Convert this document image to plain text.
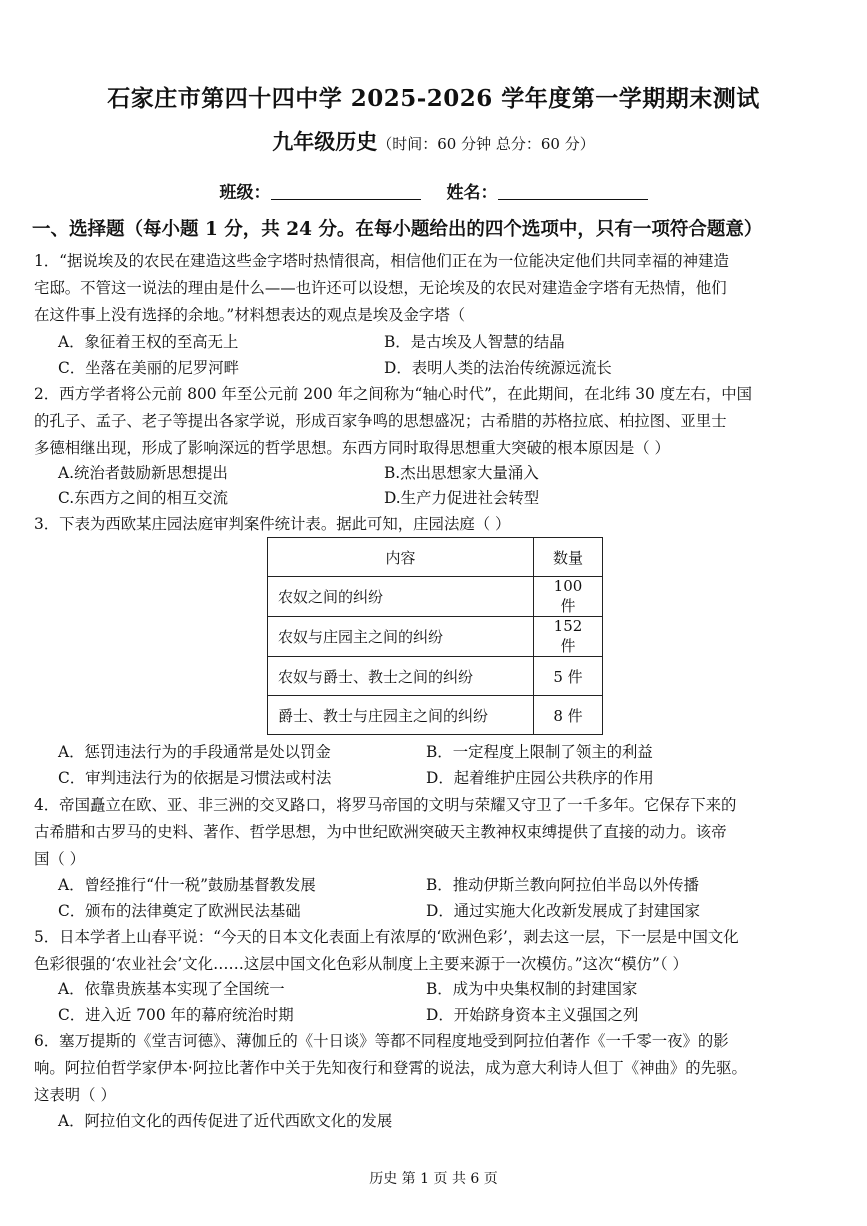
石家庄市第四十四中学 2025-2026 学年度第一学期期末测试
九年级历史（时间：60 分钟 总分：60 分）
班级：	姓名：
一、选择题（每小题 1 分，共 24 分。在每小题给出的四个选项中，只有一项符合题意）
1．“据说埃及的农民在建造这些金字塔时热情很高，相信他们正在为一位能决定他们共同幸福的神建造
宅邸。不管这一说法的理由是什么——也许还可以设想，无论埃及的农民对建造金字塔有无热情，他们
在这件事上没有选择的余地。”材料想表达的观点是埃及金字塔（
A．象征着王权的至高无上	B．是古埃及人智慧的结晶
C．坐落在美丽的尼罗河畔	D．表明人类的法治传统源远流长
2．西方学者将公元前 800 年至公元前 200 年之间称为“轴心时代”，在此期间，在北纬 30 度左右，中国
的孔子、孟子、老子等提出各家学说，形成百家争鸣的思想盛况；古希腊的苏格拉底、柏拉图、亚里士
多德相继出现，形成了影响深远的哲学思想。东西方同时取得思想重大突破的根本原因是（ ）
A.统治者鼓励新思想提出	B.杰出思想家大量涌入
C.东西方之间的相互交流	D.生产力促进社会转型
3．下表为西欧某庄园法庭审判案件统计表。据此可知，庄园法庭（ ）
内容	数量
农奴之间的纠纷	100 件
农奴与庄园主之间的纠纷	152 件
农奴与爵士、教士之间的纠纷	5 件
爵士、教士与庄园主之间的纠纷	8 件
A．惩罚违法行为的手段通常是处以罚金	B．一定程度上限制了领主的利益
C．审判违法行为的依据是习惯法或村法	D．起着维护庄园公共秩序的作用
4．帝国矗立在欧、亚、非三洲的交叉路口，将罗马帝国的文明与荣耀又守卫了一千多年。它保存下来的
古希腊和古罗马的史料、著作、哲学思想，为中世纪欧洲突破天主教神权束缚提供了直接的动力。该帝
国（ ）
A．曾经推行“什一税”鼓励基督教发展	B．推动伊斯兰教向阿拉伯半岛以外传播
C．颁布的法律奠定了欧洲民法基础	D．通过实施大化改新发展成了封建国家
5．日本学者上山春平说：“今天的日本文化表面上有浓厚的‘欧洲色彩’，剥去这一层，下一层是中国文化
色彩很强的‘农业社会’文化……这层中国文化色彩从制度上主要来源于一次模仿。”这次“模仿”（ ）
A．依靠贵族基本实现了全国统一	B．成为中央集权制的封建国家
C．进入近 700 年的幕府统治时期	D．开始跻身资本主义强国之列
6．塞万提斯的《堂吉诃德》、薄伽丘的《十日谈》等都不同程度地受到阿拉伯著作《一千零一夜》的影
响。阿拉伯哲学家伊本·阿拉比著作中关于先知夜行和登霄的说法，成为意大利诗人但丁《神曲》的先驱。
这表明（ ）
A．阿拉伯文化的西传促进了近代西欧文化的发展
历史 第 1 页 共 6 页
